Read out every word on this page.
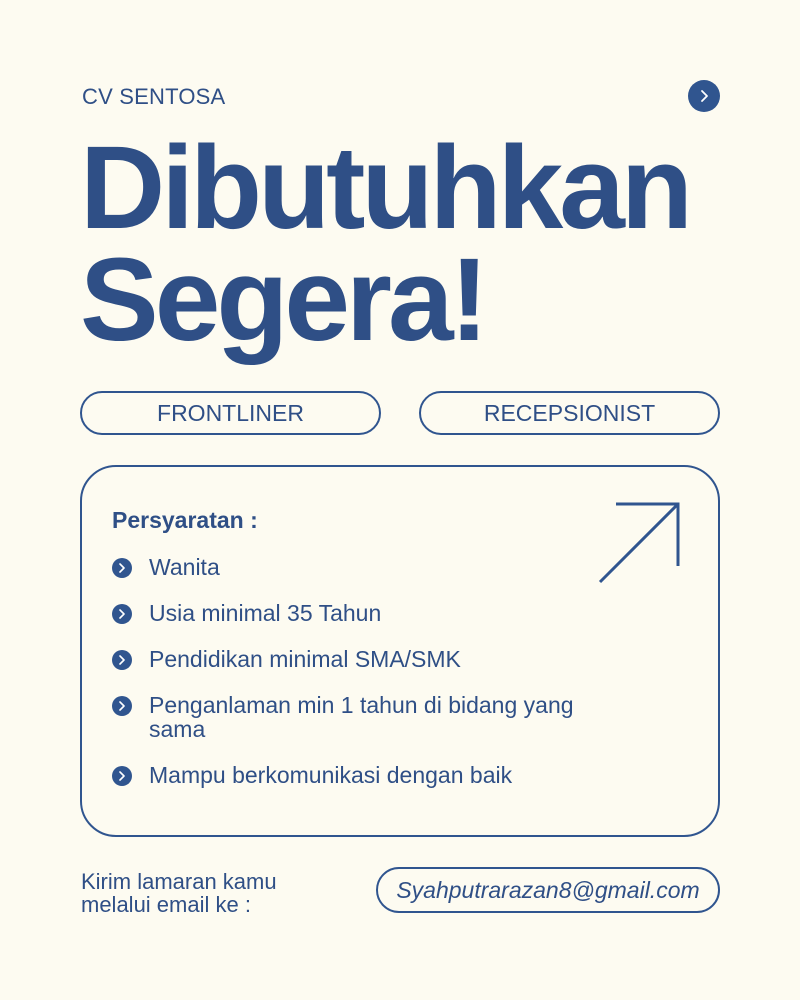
CV SENTOSA
Dibutuhkan
Segera!
FRONTLINER	RECEPSIONIST
Persyaratan :
Wanita
Usia minimal 35 Tahun
Pendidikan minimal SMA/SMK
Penganlaman min 1 tahun di bidang yang sama
Mampu berkomunikasi dengan baik
Kirim lamaran kamu
melalui email ke :
Syahputrarazan8@gmail.com
